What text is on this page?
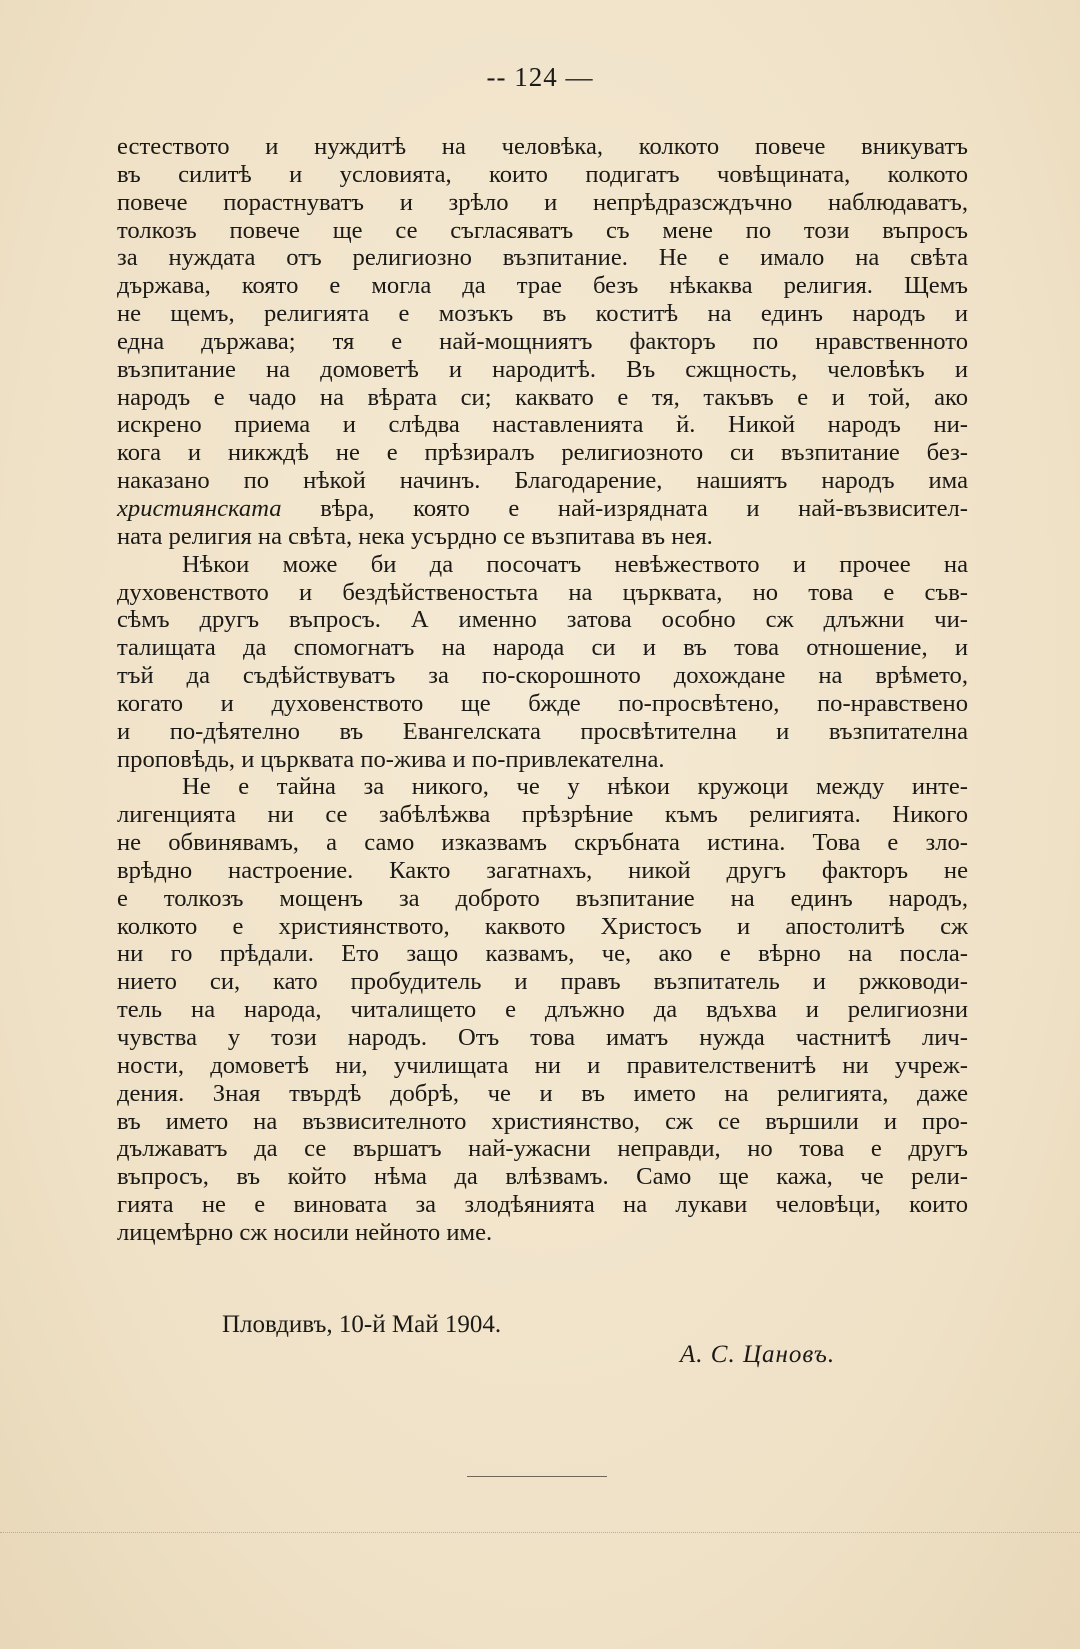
-- 124 —
естеството и нуждитѣ на человѣка, колкото повече вникуватъ
въ силитѣ и условията, които подигатъ човѣщината, колкото
повече порастнуватъ и зрѣло и непрѣдразсждъчно наблюдаватъ,
толкозъ повече ще се съгласяватъ съ мене по този въпросъ
за нуждата отъ религиозно възпитание. Не е имало на свѣта
държава, която е могла да трае безъ нѣкаква религия. Щемъ
не щемъ, религията е мозъкъ въ коститѣ на единъ народъ и
една държава; тя е най-мощниятъ факторъ по нравственното
възпитание на домоветѣ и народитѣ. Въ сжщность, человѣкъ и
народъ е чадо на вѣрата си; каквато е тя, такъвъ е и той, ако
искрено приема и слѣдва наставленията й. Никой народъ ни-
кога и никждѣ не е прѣзиралъ религиозното си възпитание без-
наказано по нѣкой начинъ. Благодарение, нашиятъ народъ има
християнската вѣра, която е най-изрядната и най-възвисител-
ната религия на свѣта, нека усърдно се възпитава въ нея.
Нѣкои може би да посочатъ невѣжеството и прочее на
духовенството и бездѣйственостьта на църквата, но това е съв-
сѣмъ другъ въпросъ. А именно затова особно сж длъжни чи-
талищата да спомогнатъ на народа си и въ това отношение, и
тъй да съдѣйствуватъ за по-скорошното дохождане на врѣмето,
когато и духовенството ще бжде по-просвѣтено, по-нравствено
и по-дѣятелно въ Евангелската просвѣтителна и възпитателна
проповѣдь, и църквата по-жива и по-привлекателна.
Не е тайна за никого, че у нѣкои кружоци между инте-
лигенцията ни се забѣлѣжва прѣзрѣние къмъ религията. Никого
не обвинявамъ, а само изказвамъ скръбната истина. Това е зло-
врѣдно настроение. Както загатнахъ, никой другъ факторъ не
е толкозъ мощенъ за доброто възпитание на единъ народъ,
колкото е християнството, каквото Христосъ и апостолитѣ сж
ни го прѣдали. Ето защо казвамъ, че, ако е вѣрно на посла-
нието си, като пробудитель и правъ възпитатель и ржководи-
тель на народа, читалището е длъжно да вдъхва и религиозни
чувства у този народъ. Отъ това иматъ нужда частнитѣ лич-
ности, домоветѣ ни, училищата ни и правителственитѣ ни учреж-
дения. Зная твърдѣ добрѣ, че и въ името на религията, даже
въ името на възвисителното християнство, сж се вършили и про-
дължаватъ да се вършатъ най-ужасни неправди, но това е другъ
въпросъ, въ който нѣма да влѣзвамъ. Само ще кажа, че рели-
гията не е виновата за злодѣянията на лукави человѣци, които
лицемѣрно сж носили нейното име.
Пловдивъ, 10-й Май 1904.
А. С. Цановъ.
